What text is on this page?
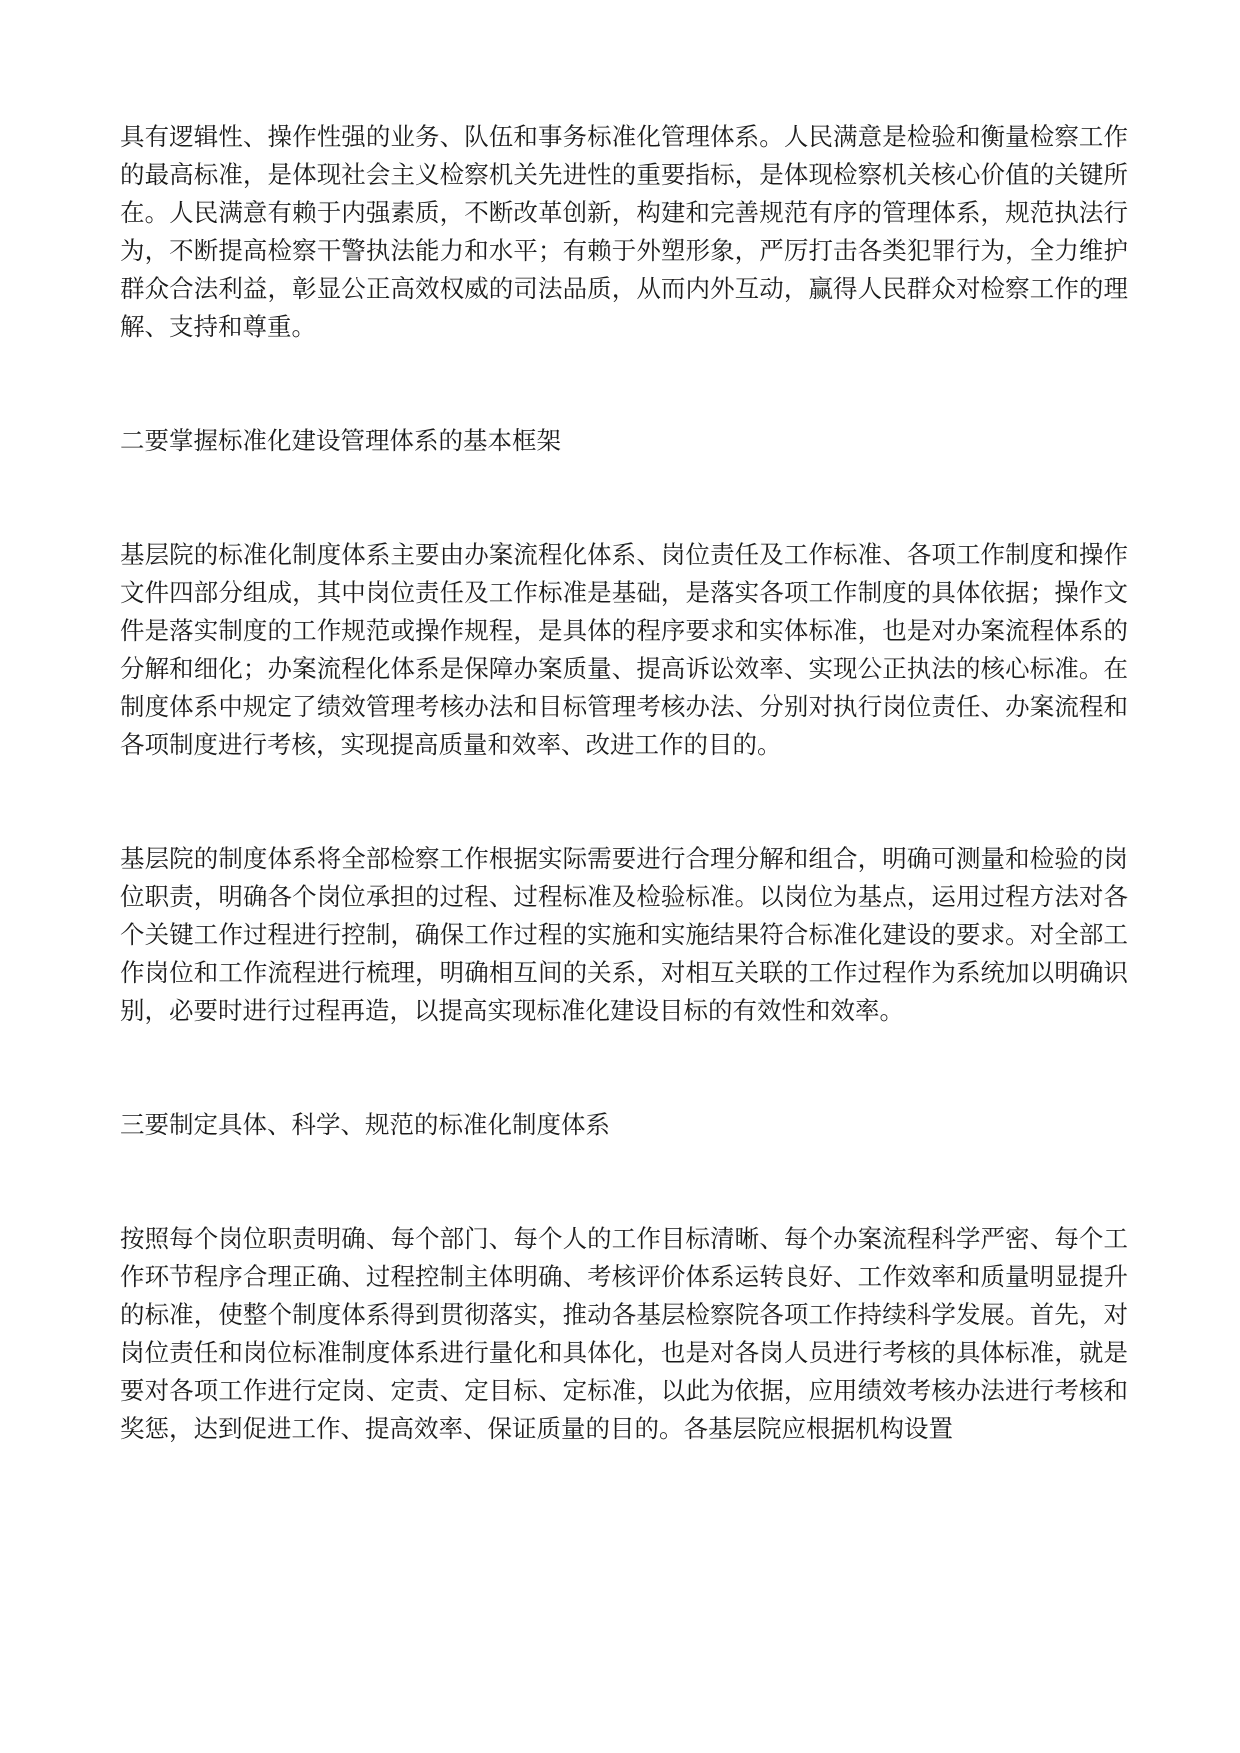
具有逻辑性、操作性强的业务、队伍和事务标准化管理体系。人民满意是检验和衡量检察工作的最高标准，是体现社会主义检察机关先进性的重要指标，是体现检察机关核心价值的关键所在。人民满意有赖于内强素质，不断改革创新，构建和完善规范有序的管理体系，规范执法行为，不断提高检察干警执法能力和水平；有赖于外塑形象，严厉打击各类犯罪行为，全力维护群众合法利益，彰显公正高效权威的司法品质，从而内外互动，赢得人民群众对检察工作的理解、支持和尊重。

二要掌握标准化建设管理体系的基本框架

基层院的标准化制度体系主要由办案流程化体系、岗位责任及工作标准、各项工作制度和操作文件四部分组成，其中岗位责任及工作标准是基础，是落实各项工作制度的具体依据；操作文件是落实制度的工作规范或操作规程，是具体的程序要求和实体标准，也是对办案流程体系的分解和细化；办案流程化体系是保障办案质量、提高诉讼效率、实现公正执法的核心标准。在制度体系中规定了绩效管理考核办法和目标管理考核办法、分别对执行岗位责任、办案流程和各项制度进行考核，实现提高质量和效率、改进工作的目的。

基层院的制度体系将全部检察工作根据实际需要进行合理分解和组合，明确可测量和检验的岗位职责，明确各个岗位承担的过程、过程标准及检验标准。以岗位为基点，运用过程方法对各个关键工作过程进行控制，确保工作过程的实施和实施结果符合标准化建设的要求。对全部工作岗位和工作流程进行梳理，明确相互间的关系，对相互关联的工作过程作为系统加以明确识别，必要时进行过程再造，以提高实现标准化建设目标的有效性和效率。

三要制定具体、科学、规范的标准化制度体系

按照每个岗位职责明确、每个部门、每个人的工作目标清晰、每个办案流程科学严密、每个工作环节程序合理正确、过程控制主体明确、考核评价体系运转良好、工作效率和质量明显提升的标准，使整个制度体系得到贯彻落实，推动各基层检察院各项工作持续科学发展。首先，对岗位责任和岗位标准制度体系进行量化和具体化，也是对各岗人员进行考核的具体标准，就是要对各项工作进行定岗、定责、定目标、定标准，以此为依据，应用绩效考核办法进行考核和奖惩，达到促进工作、提高效率、保证质量的目的。各基层院应根据机构设置
